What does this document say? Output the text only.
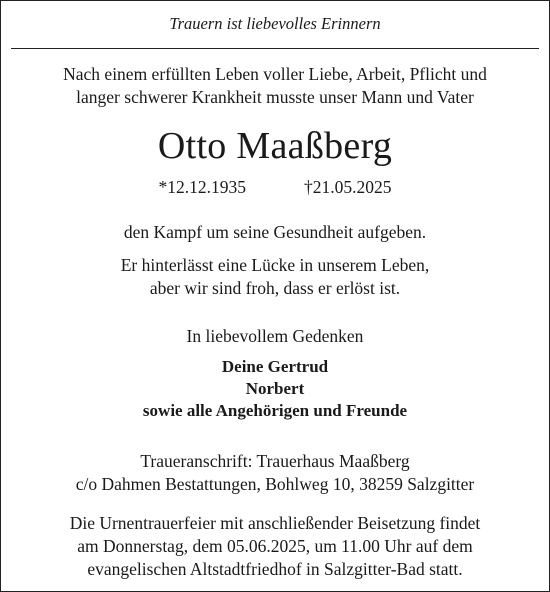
Trauern ist liebevolles Erinnern
Nach einem erfüllten Leben voller Liebe, Arbeit, Pflicht und
langer schwerer Krankheit musste unser Mann und Vater
Otto Maaßberg
*12.12.1935	†21.05.2025
den Kampf um seine Gesundheit aufgeben.
Er hinterlässt eine Lücke in unserem Leben,
aber wir sind froh, dass er erlöst ist.
In liebevollem Gedenken
Deine Gertrud
Norbert
sowie alle Angehörigen und Freunde
Traueranschrift: Trauerhaus Maaßberg
c/o Dahmen Bestattungen, Bohlweg 10, 38259 Salzgitter
Die Urnentrauerfeier mit anschließender Beisetzung findet
am Donnerstag, dem 05.06.2025, um 11.00 Uhr auf dem
evangelischen Altstadtfriedhof in Salzgitter-Bad statt.
